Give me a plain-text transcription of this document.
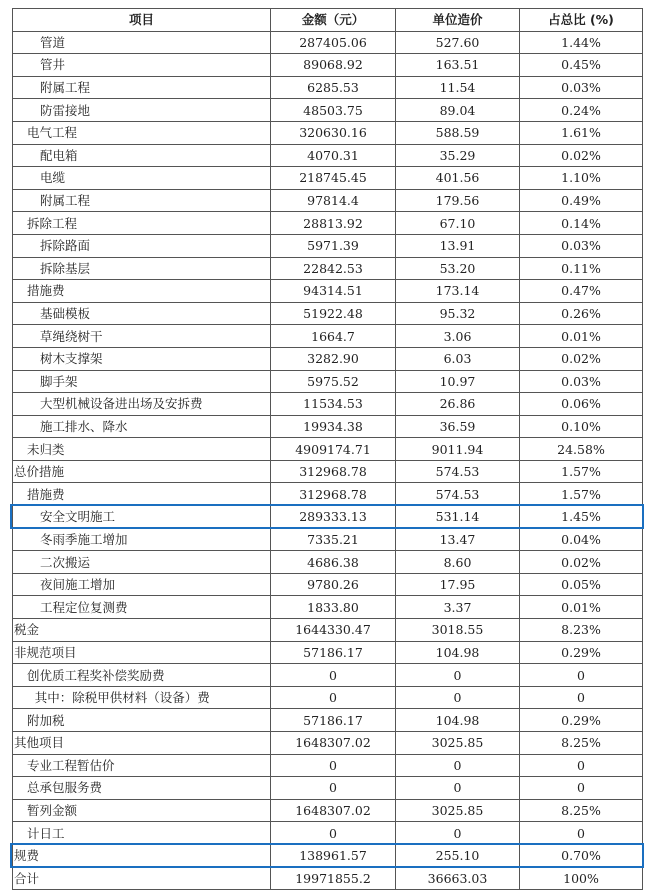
项目	金额（元）	单位造价	占总比 (%)
管道	287405.06	527.60	1.44%
管井	89068.92	163.51	0.45%
附属工程	6285.53	11.54	0.03%
防雷接地	48503.75	89.04	0.24%
电气工程	320630.16	588.59	1.61%
配电箱	4070.31	35.29	0.02%
电缆	218745.45	401.56	1.10%
附属工程	97814.4	179.56	0.49%
拆除工程	28813.92	67.10	0.14%
拆除路面	5971.39	13.91	0.03%
拆除基层	22842.53	53.20	0.11%
措施费	94314.51	173.14	0.47%
基础模板	51922.48	95.32	0.26%
草绳绕树干	1664.7	3.06	0.01%
树木支撑架	3282.90	6.03	0.02%
脚手架	5975.52	10.97	0.03%
大型机械设备进出场及安拆费	11534.53	26.86	0.06%
施工排水、降水	19934.38	36.59	0.10%
未归类	4909174.71	9011.94	24.58%
总价措施	312968.78	574.53	1.57%
措施费	312968.78	574.53	1.57%
安全文明施工	289333.13	531.14	1.45%
冬雨季施工增加	7335.21	13.47	0.04%
二次搬运	4686.38	8.60	0.02%
夜间施工增加	9780.26	17.95	0.05%
工程定位复测费	1833.80	3.37	0.01%
税金	1644330.47	3018.55	8.23%
非规范项目	57186.17	104.98	0.29%
创优质工程奖补偿奖励费	0	0	0
其中：除税甲供材料（设备）费	0	0	0
附加税	57186.17	104.98	0.29%
其他项目	1648307.02	3025.85	8.25%
专业工程暂估价	0	0	0
总承包服务费	0	0	0
暂列金额	1648307.02	3025.85	8.25%
计日工	0	0	0
规费	138961.57	255.10	0.70%
合计	19971855.2	36663.03	100%
